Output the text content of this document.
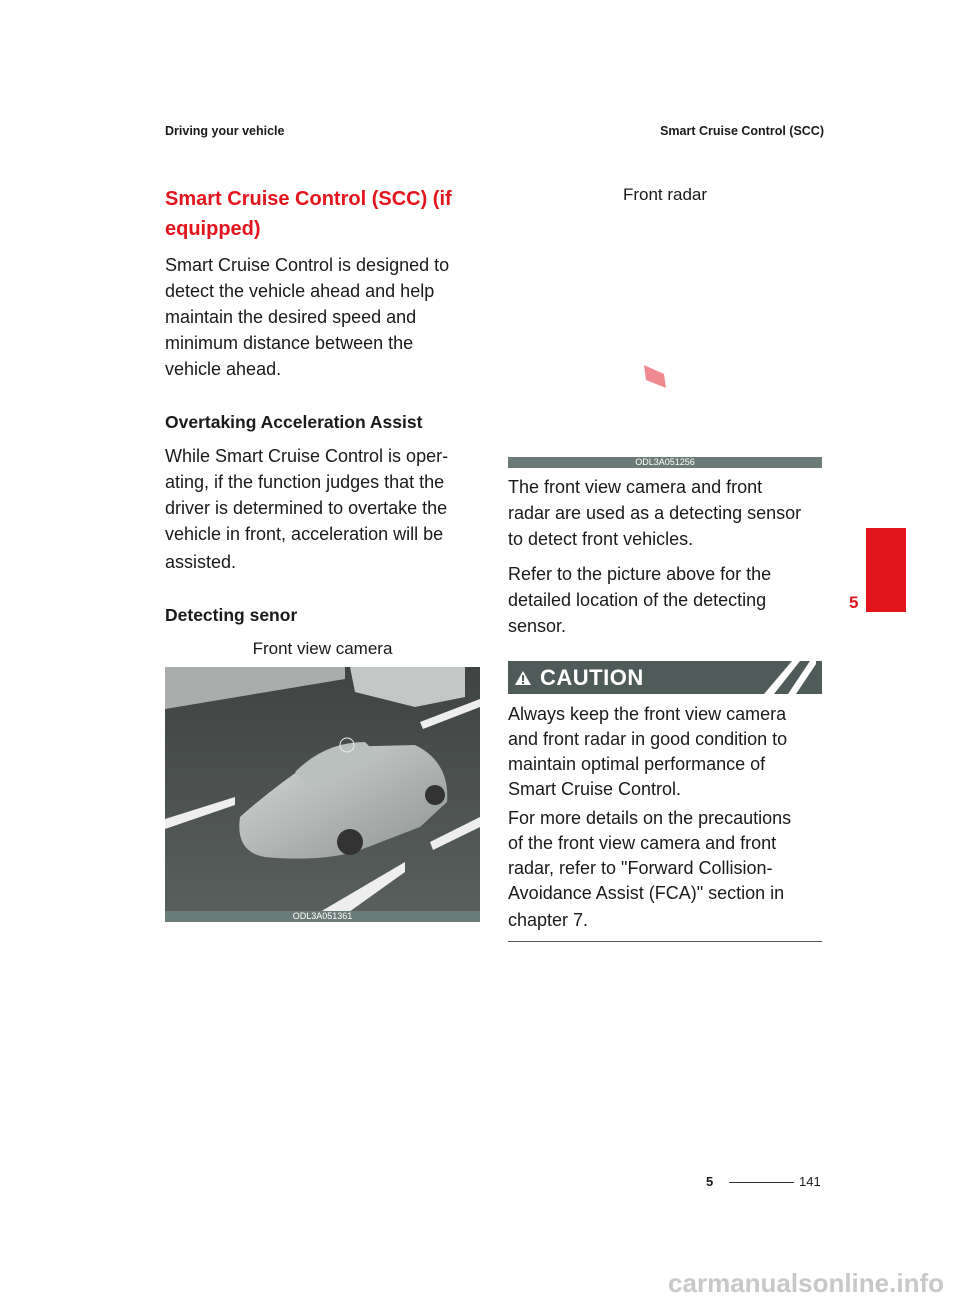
Driving your vehicle	Smart Cruise Control (SCC)
Smart Cruise Control (SCC) (if equipped)
Smart Cruise Control is designed to
detect the vehicle ahead and help
maintain the desired speed and
minimum distance between the
vehicle ahead.
Overtaking Acceleration Assist
While Smart Cruise Control is oper-
ating, if the function judges that the
driver is determined to overtake the
vehicle in front, acceleration will be
assisted.
Detecting senor
Front view camera
ODL3A051361
Front radar
ODL3A051256
The front view camera and front
radar are used as a detecting sensor
to detect front vehicles.
Refer to the picture above for the
detailed location of the detecting
sensor.
CAUTION
Always keep the front view camera
and front radar in good condition to
maintain optimal performance of
Smart Cruise Control.
For more details on the precautions
of the front view camera and front
radar, refer to "Forward Collision-
Avoidance Assist (FCA)" section in
chapter 7.
5
5	141
carmanualsonline.info
